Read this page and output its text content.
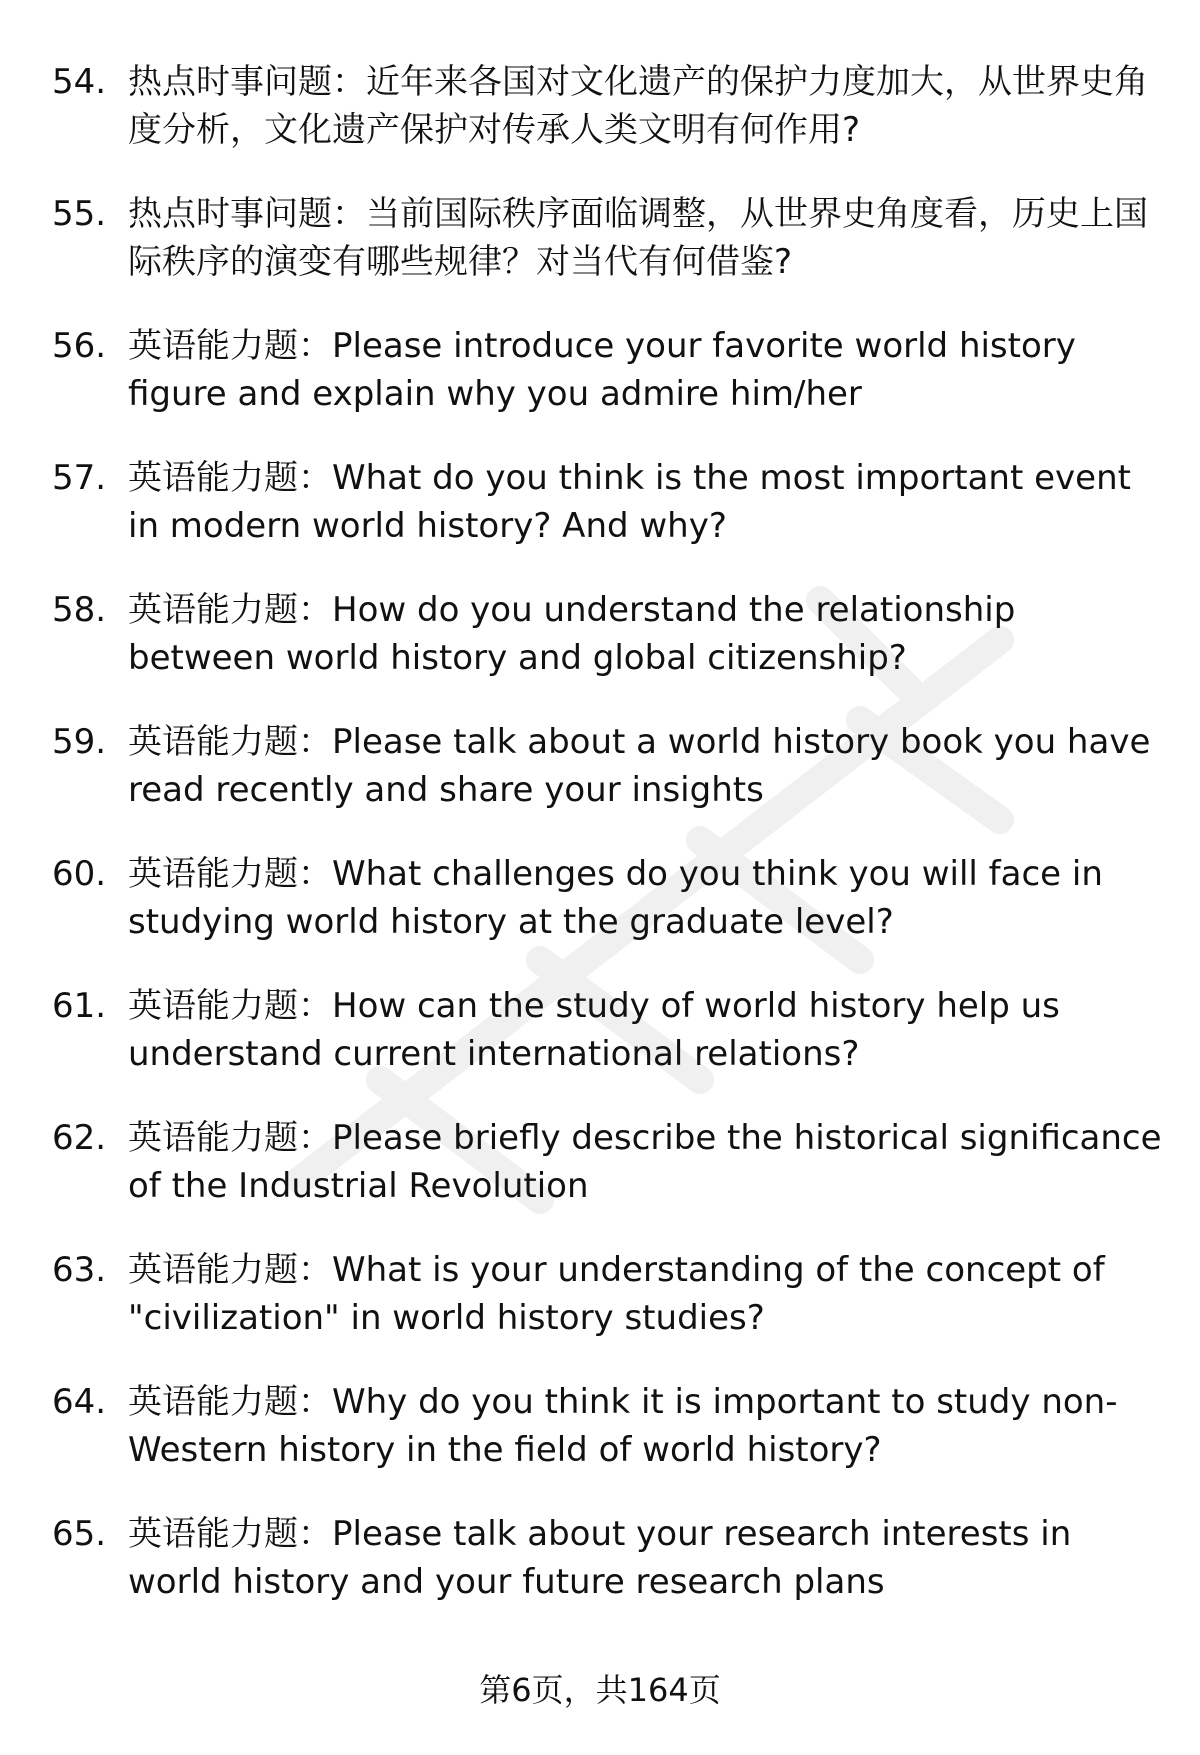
54. 热点时事问题：近年来各国对文化遗产的保护力度加大，从世界史角度分析，文化遗产保护对传承人类文明有何作用?
55. 热点时事问题：当前国际秩序面临调整，从世界史角度看，历史上国际秩序的演变有哪些规律？对当代有何借鉴?
56. 英语能力题：Please introduce your favorite world history figure and explain why you admire him/her
57. 英语能力题：What do you think is the most important event in modern world history? And why?
58. 英语能力题：How do you understand the relationship between world history and global citizenship?
59. 英语能力题：Please talk about a world history book you have read recently and share your insights
60. 英语能力题：What challenges do you think you will face in studying world history at the graduate level?
61. 英语能力题：How can the study of world history help us understand current international relations?
62. 英语能力题：Please briefly describe the historical significance of the Industrial Revolution
63. 英语能力题：What is your understanding of the concept of "civilization" in world history studies?
64. 英语能力题：Why do you think it is important to study non-Western history in the field of world history?
65. 英语能力题：Please talk about your research interests in world history and your future research plans
第6页，共164页
